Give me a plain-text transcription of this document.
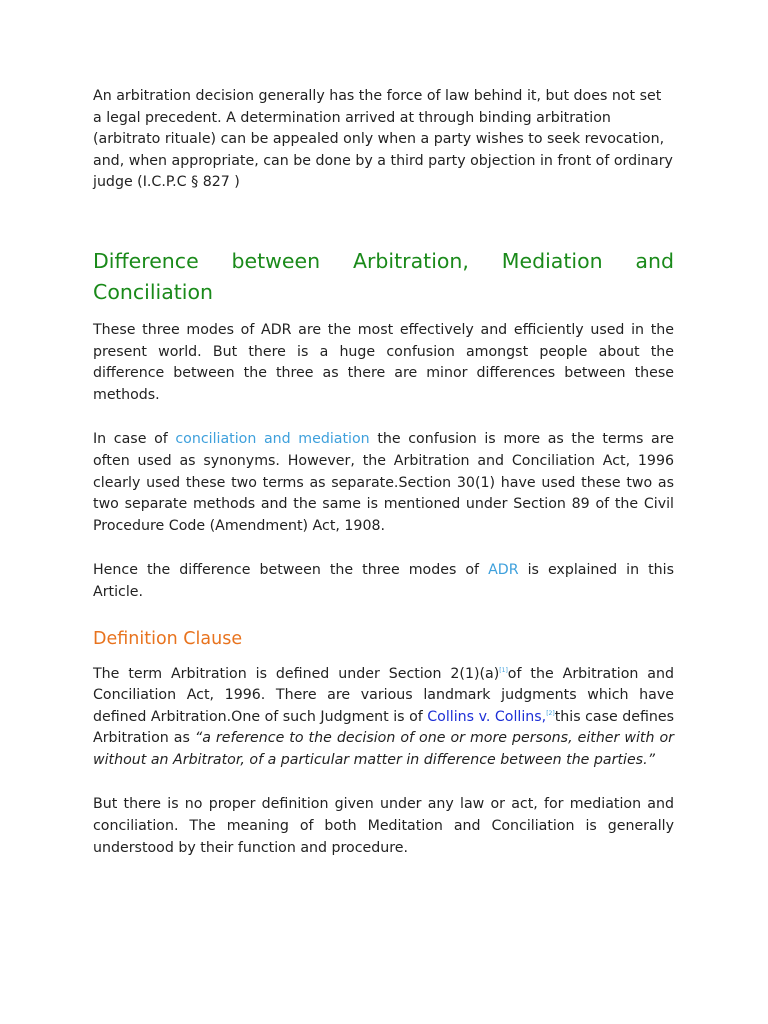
An arbitration decision generally has the force of law behind it, but does not set a legal precedent. A determination arrived at through binding arbitration (arbitrato rituale) can be appealed only when a party wishes to seek revocation, and, when appropriate, can be done by a third party objection in front of ordinary judge (I.C.P.C § 827 )

Difference between Arbitration, Mediation and Conciliation

These three modes of ADR are the most effectively and efficiently used in the present world. But there is a huge confusion amongst people about the difference between the three as there are minor differences between these methods.

In case of conciliation and mediation the confusion is more as the terms are often used as synonyms. However, the Arbitration and Conciliation Act, 1996 clearly used these two terms as separate.Section 30(1) have used these two as two separate methods and the same is mentioned under Section 89 of the Civil Procedure Code (Amendment) Act, 1908.

Hence the difference between the three modes of ADR is explained in this Article.

Definition Clause

The term Arbitration is defined under Section 2(1)(a)[1]of the Arbitration and Conciliation Act, 1996. There are various landmark judgments which have defined Arbitration.One of such Judgment is of Collins v. Collins,[2]this case defines Arbitration as “a reference to the decision of one or more persons, either with or without an Arbitrator, of a particular matter in difference between the parties.”

But there is no proper definition given under any law or act, for mediation and conciliation. The meaning of both Meditation and Conciliation is generally understood by their function and procedure.
